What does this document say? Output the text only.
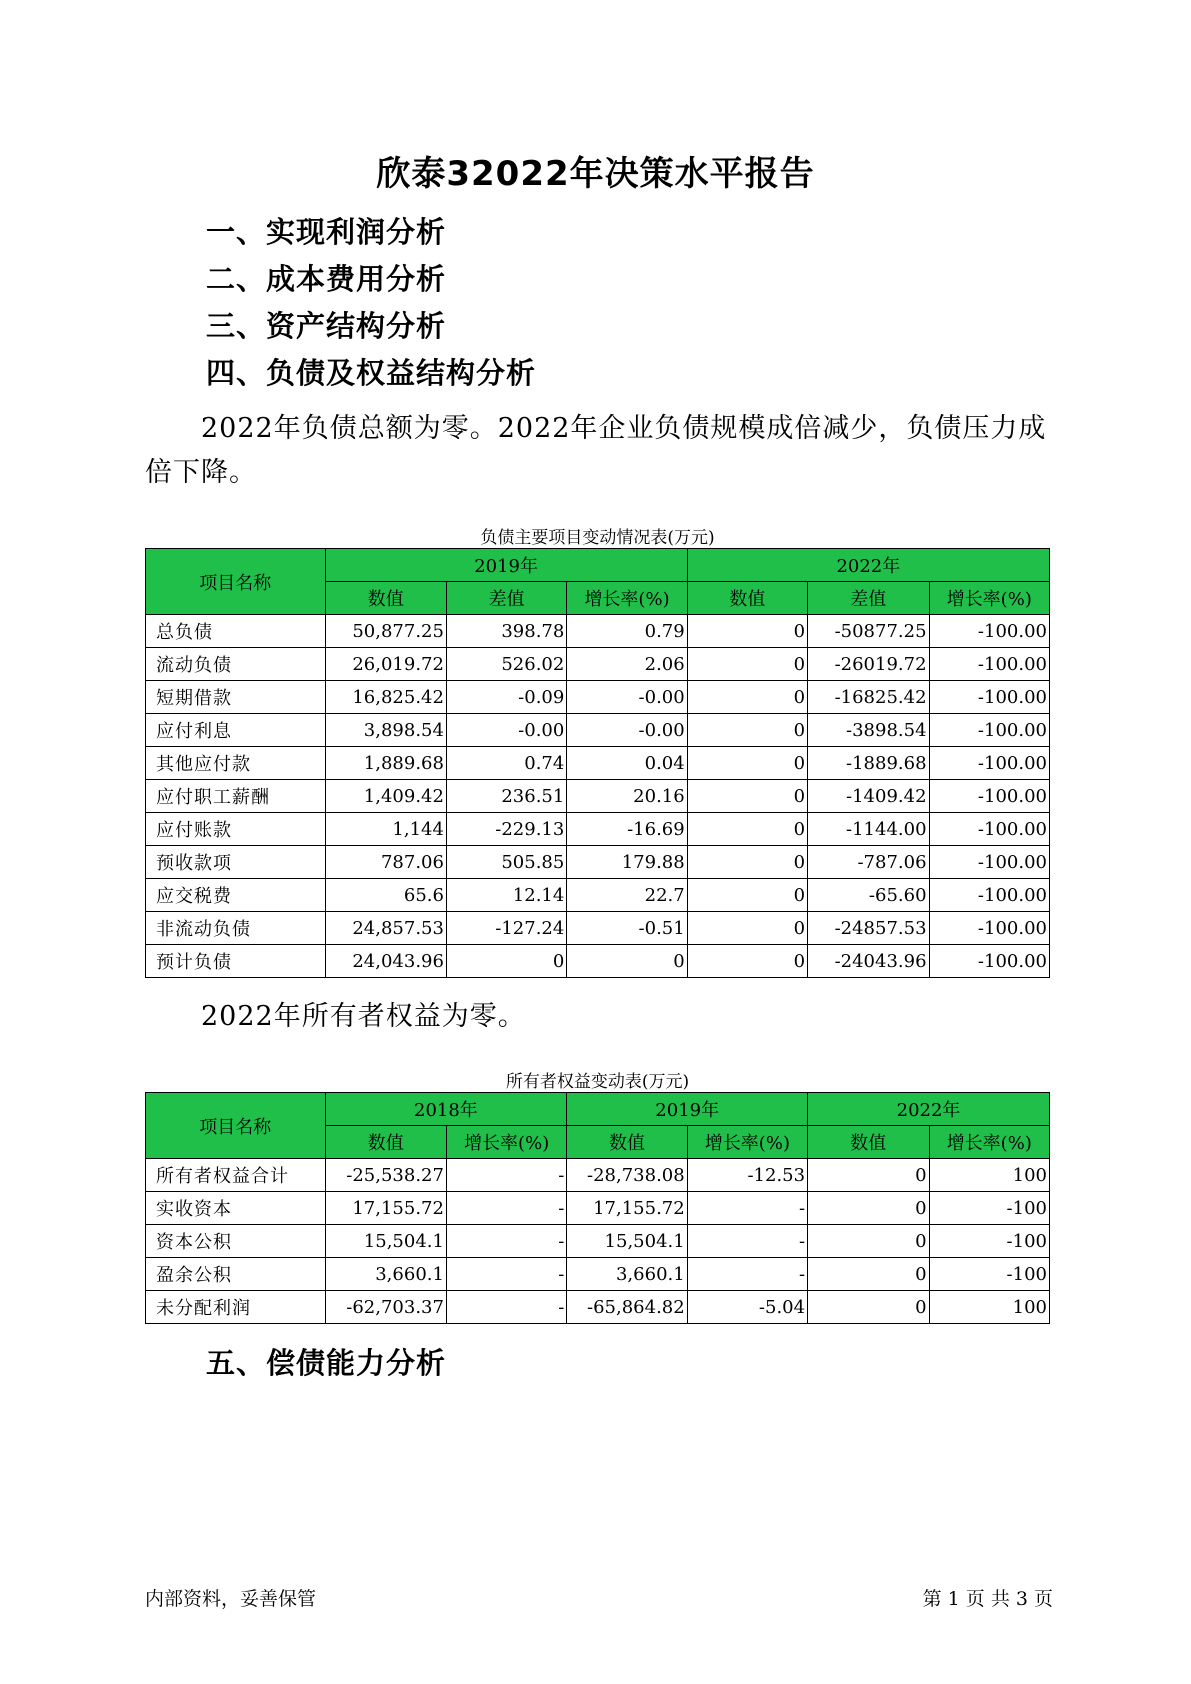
欣泰32022年决策水平报告
一、实现利润分析
二、成本费用分析
三、资产结构分析
四、负债及权益结构分析
2022年负债总额为零。2022年企业负债规模成倍减少，负债压力成倍下降。
负债主要项目变动情况表(万元)
项目名称	2019年			2022年		
	数值	差值	增长率(%)	数值	差值	增长率(%)
总负债	50,877.25	398.78	0.79	0	-50877.25	-100.00
流动负债	26,019.72	526.02	2.06	0	-26019.72	-100.00
短期借款	16,825.42	-0.09	-0.00	0	-16825.42	-100.00
应付利息	3,898.54	-0.00	-0.00	0	-3898.54	-100.00
其他应付款	1,889.68	0.74	0.04	0	-1889.68	-100.00
应付职工薪酬	1,409.42	236.51	20.16	0	-1409.42	-100.00
应付账款	1,144	-229.13	-16.69	0	-1144.00	-100.00
预收款项	787.06	505.85	179.88	0	-787.06	-100.00
应交税费	65.6	12.14	22.7	0	-65.60	-100.00
非流动负债	24,857.53	-127.24	-0.51	0	-24857.53	-100.00
预计负债	24,043.96	0	0	0	-24043.96	-100.00
2022年所有者权益为零。
所有者权益变动表(万元)
项目名称	2018年		2019年		2022年	
	数值	增长率(%)	数值	增长率(%)	数值	增长率(%)
所有者权益合计	-25,538.27	-	-28,738.08	-12.53	0	100
实收资本	17,155.72	-	17,155.72	-	0	-100
资本公积	15,504.1	-	15,504.1	-	0	-100
盈余公积	3,660.1	-	3,660.1	-	0	-100
未分配利润	-62,703.37	-	-65,864.82	-5.04	0	100
五、偿债能力分析
内部资料，妥善保管	第 1 页 共 3 页
